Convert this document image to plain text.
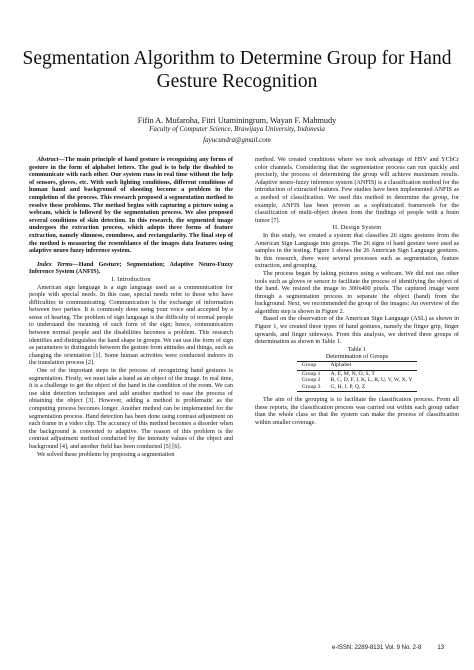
Segmentation Algorithm to Determine Group for Hand Gesture Recognition
Fifin A. Mufaroha, Fitri Utaminingrum, Wayan F. Mahmudy
Faculty of Computer Science, Brawijaya University, Indonesia
fayucandra@gmail.com

Abstract—The main principle of hand gesture is recognizing any forms of gesture in the form of alphabet letters. The goal is to help the disabled to communicate with each other. Our system runs in real time without the help of sensors, gloves, etc. With such lighting conditions, different conditions of human hand and background of shooting become a problem in the completion of the process. This research proposed a segmentation method to resolve these problems. The method begins with capturing a picture using a webcam, which is followed by the segmentation process. We also proposed several conditions of skin detection. In this research, the segmented image undergoes the extraction process, which adopts three forms of feature extraction, namely slimness, roundness, and rectangularity. The final step of the method is measuring the resemblance of the images data features using adaptive neuro fuzzy inference system.

Index Terms—Hand Gesture; Segmentation; Adaptive Neuro-Fuzzy Inference System (ANFIS).

I. Introduction

American sign language is a sign language used as a communication for people with special needs. In this case, special needs refer to those who have difficulties in communicating. Communication is the exchange of information between two parties. It is commonly done using your voice and accepted by a sense of hearing. The problem of sign language is the difficulty of normal people to understand the meaning of each form of the sign; hence, communication between normal people and the disabilities becomes a problem. This research identifies and distinguishes the hand shape in groups. We can use the form of sign as parameters to distinguish between the gesture from attitudes and things, such as changing the orientation [1]. Some human activities were conducted indoors in the translation process [2].

One of the important steps in the process of recognizing hand gestures is segmentation. Firstly, we must take a hand as an object of the image. In real time, it is a challenge to get the object of the hand in the condition of the room. We can use skin detection techniques and add another method to ease the process of obtaining the object [3]. However, adding a method is problematic as the computing process becomes longer. Another method can be implemented for the segmentation process. Hand detection has been done using contrast adjustment on each frame in a video clip. The accuracy of this method becomes a disorder when the background is converted to adaptive. The reason of this problem is the contrast adjustment method conducted by the intensity values of the object and background [4], and another field has been conducted [5] [6].

We solved these problems by proposing a segmentation

method. We created conditions where we took advantage of HSV and YCbCr color channels. Considering that the segmentation process can run quickly and precisely, the process of determining the group will achieve maximum results. Adaptive neuro-fuzzy inference system (ANFIS) is a classification method for the introduction of extracted features. Few studies have been implemented ANFIS as a method of classification. We used this method to determine the group, for example, ANFIS has been proven as a sophisticated framework for the classification of multi-object drawn from the findings of people with a brain tumor [7].

II. Design System

In this study, we created a system that classifies 26 signs gestures from the American Sign Language into groups. The 26 signs of hand gesture were used as samples in the testing. Figure 1 shows the 26 American Sign Language gestures. In this research, there were several processes such as segmentation, feature extraction, and grouping.

The process began by taking pictures using a webcam. We did not use other tools such as gloves or sensor to facilitate the process of identifying the object of the hand. We resized the image to 300x400 pixels. The captured image went through a segmentation process to separate the object (hand) from the background. Next, we recommended the group of the images: An overview of the algorithm step is shown in Figure 2.

Based on the observation of the American Sign Language (ASL) as shown in Figure 1, we created three types of hand gestures, namely the finger grip, finger upwards, and finger sideways. From this analysis, we derived three groups of determination as shown in Table 1.

Table 1

Determination of Groups

Group	Alphabet
Group 1	A, E, M, N, O, S, T
Group 2	B, C, D, F, I, K, L, R, U, V, W, X, Y
Group 3	G, H, J, P, Q, Z

The aim of the grouping is to facilitate the classification process. From all these reports, the classification process was carried out within each group rather than the whole class so that the system can make the process of classification within smaller coverage.

e-ISSN: 2289-8131 Vol. 9 No. 2-8	13
